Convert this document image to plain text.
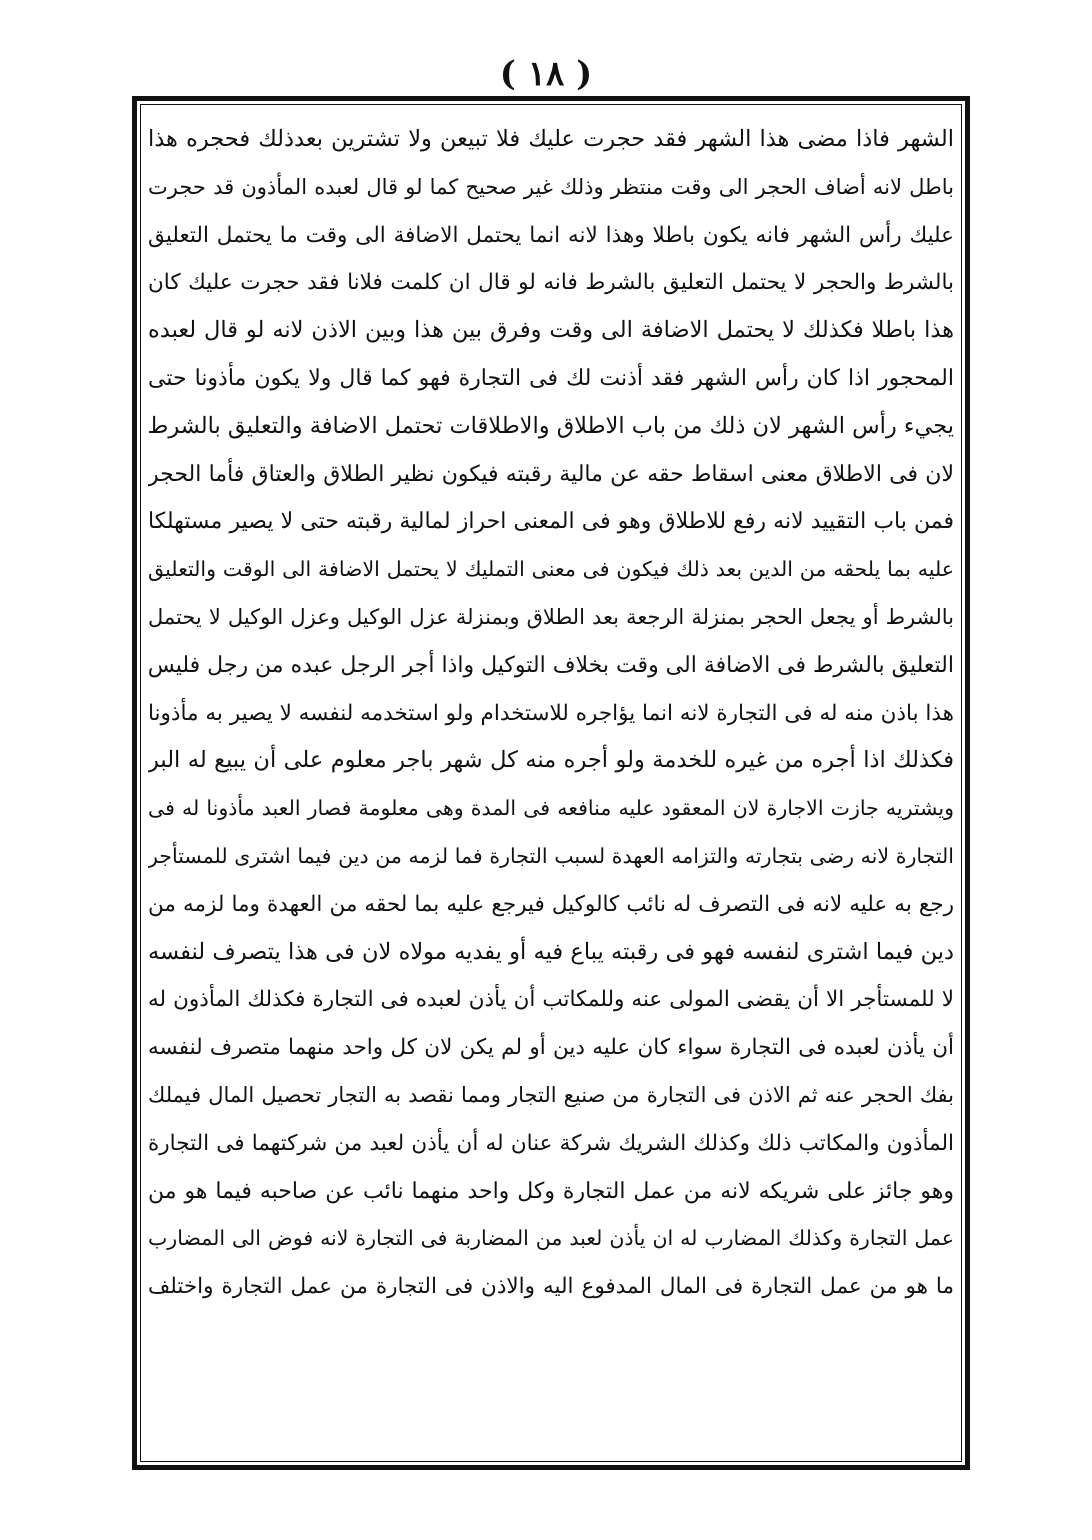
( ١٨ )
الشهر فاذا مضى هذا الشهر فقد حجرت عليك فلا تبيعن ولا تشترين بعدذلك فحجره هذا
باطل لانه أضاف الحجر الى وقت منتظر وذلك غير صحيح كما لو قال لعبده المأذون قد حجرت
عليك رأس الشهر فانه يكون باطلا وهذا لانه انما يحتمل الاضافة الى وقت ما يحتمل التعليق
بالشرط والحجر لا يحتمل التعليق بالشرط فانه لو قال ان كلمت فلانا فقد حجرت عليك كان
هذا باطلا فكذلك لا يحتمل الاضافة الى وقت وفرق بين هذا وبين الاذن لانه لو قال لعبده
المحجور اذا كان رأس الشهر فقد أذنت لك فى التجارة فهو كما قال ولا يكون مأذونا حتى
يجيء رأس الشهر لان ذلك من باب الاطلاق والاطلاقات تحتمل الاضافة والتعليق بالشرط
لان فى الاطلاق معنى اسقاط حقه عن مالية رقبته فيكون نظير الطلاق والعتاق فأما الحجر
فمن باب التقييد لانه رفع للاطلاق وهو فى المعنى احراز لمالية رقبته حتى لا يصير مستهلكا
عليه بما يلحقه من الدين بعد ذلك فيكون فى معنى التمليك لا يحتمل الاضافة الى الوقت والتعليق
بالشرط أو يجعل الحجر بمنزلة الرجعة بعد الطلاق وبمنزلة عزل الوكيل وعزل الوكيل لا يحتمل
التعليق بالشرط فى الاضافة الى وقت بخلاف التوكيل واذا أجر الرجل عبده من رجل فليس
هذا باذن منه له فى التجارة لانه انما يؤاجره للاستخدام ولو استخدمه لنفسه لا يصير به مأذونا
فكذلك اذا أجره من غيره للخدمة ولو أجره منه كل شهر باجر معلوم على أن يبيع له البر
ويشتريه جازت الاجارة لان المعقود عليه منافعه فى المدة وهى معلومة فصار العبد مأذونا له فى
التجارة لانه رضى بتجارته والتزامه العهدة لسبب التجارة فما لزمه من دين فيما اشترى للمستأجر
رجع به عليه لانه فى التصرف له نائب كالوكيل فيرجع عليه بما لحقه من العهدة وما لزمه من
دين فيما اشترى لنفسه فهو فى رقبته يباع فيه أو يفديه مولاه لان فى هذا يتصرف لنفسه
لا للمستأجر الا أن يقضى المولى عنه وللمكاتب أن يأذن لعبده فى التجارة فكذلك المأذون له
أن يأذن لعبده فى التجارة سواء كان عليه دين أو لم يكن لان كل واحد منهما متصرف لنفسه
بفك الحجر عنه ثم الاذن فى التجارة من صنيع التجار ومما نقصد به التجار تحصيل المال فيملك
المأذون والمكاتب ذلك وكذلك الشريك شركة عنان له أن يأذن لعبد من شركتهما فى التجارة
وهو جائز على شريكه لانه من عمل التجارة وكل واحد منهما نائب عن صاحبه فيما هو من
عمل التجارة وكذلك المضارب له ان يأذن لعبد من المضاربة فى التجارة لانه فوض الى المضارب
ما هو من عمل التجارة فى المال المدفوع اليه والاذن فى التجارة من عمل التجارة واختلف
